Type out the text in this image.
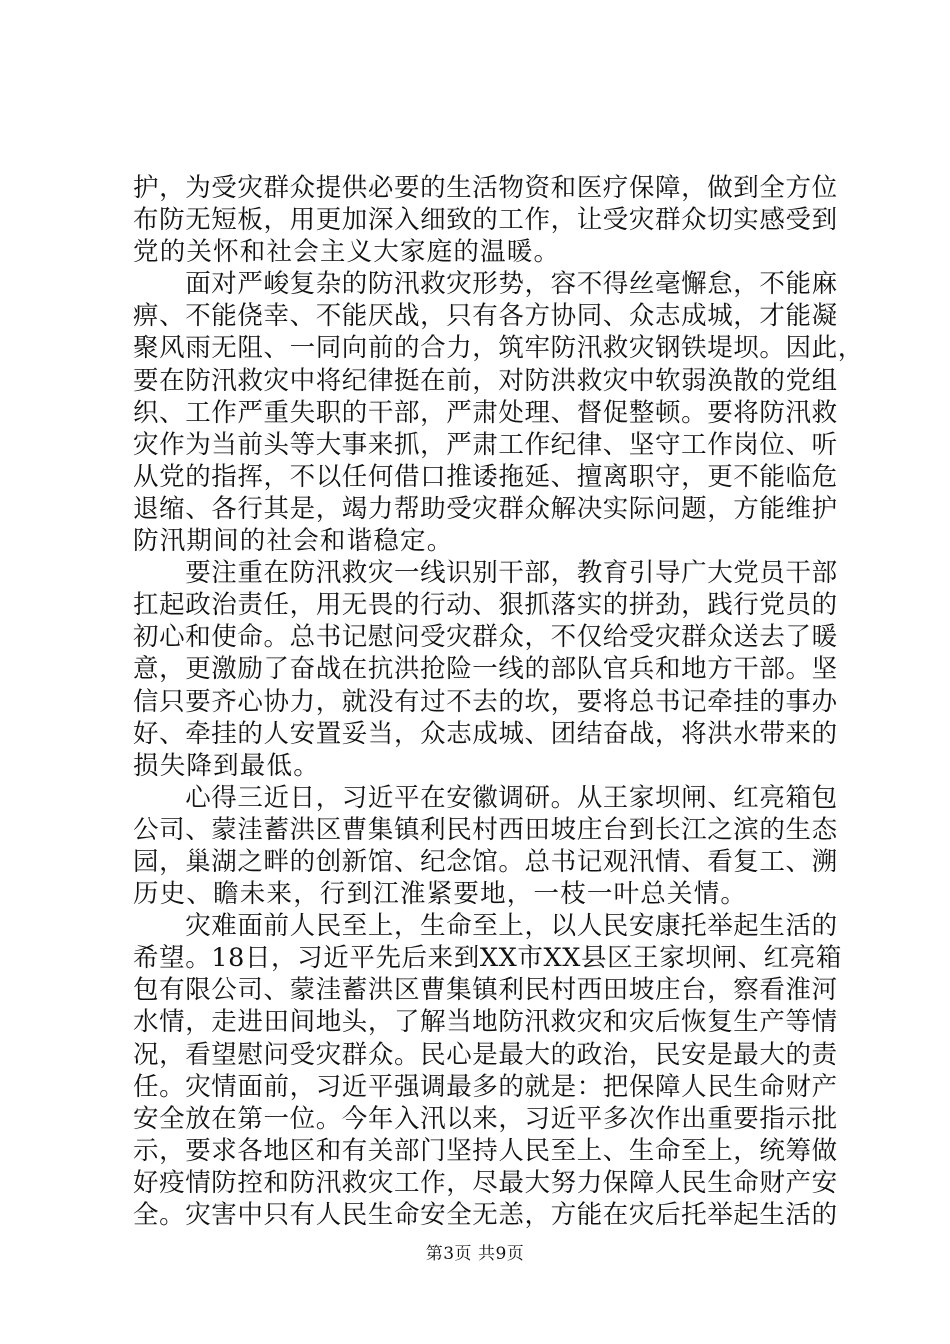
护，为受灾群众提供必要的生活物资和医疗保障，做到全方位
布防无短板，用更加深入细致的工作，让受灾群众切实感受到
党的关怀和社会主义大家庭的温暖。
　　面对严峻复杂的防汛救灾形势，容不得丝毫懈怠，不能麻
痹、不能侥幸、不能厌战，只有各方协同、众志成城，才能凝
聚风雨无阻、一同向前的合力，筑牢防汛救灾钢铁堤坝。因此，
要在防汛救灾中将纪律挺在前，对防洪救灾中软弱涣散的党组
织、工作严重失职的干部，严肃处理、督促整顿。要将防汛救
灾作为当前头等大事来抓，严肃工作纪律、坚守工作岗位、听
从党的指挥，不以任何借口推诿拖延、擅离职守，更不能临危
退缩、各行其是，竭力帮助受灾群众解决实际问题，方能维护
防汛期间的社会和谐稳定。
　　要注重在防汛救灾一线识别干部，教育引导广大党员干部
扛起政治责任，用无畏的行动、狠抓落实的拼劲，践行党员的
初心和使命。总书记慰问受灾群众，不仅给受灾群众送去了暖
意，更激励了奋战在抗洪抢险一线的部队官兵和地方干部。坚
信只要齐心协力，就没有过不去的坎，要将总书记牵挂的事办
好、牵挂的人安置妥当，众志成城、团结奋战，将洪水带来的
损失降到最低。
　　心得三近日，习近平在安徽调研。从王家坝闸、红亮箱包
公司、蒙洼蓄洪区曹集镇利民村西田坡庄台到长江之滨的生态
园，巢湖之畔的创新馆、纪念馆。总书记观汛情、看复工、溯
历史、瞻未来，行到江淮紧要地，一枝一叶总关情。
　　灾难面前人民至上，生命至上，以人民安康托举起生活的
希望。18日，习近平先后来到XX市XX县区王家坝闸、红亮箱
包有限公司、蒙洼蓄洪区曹集镇利民村西田坡庄台，察看淮河
水情，走进田间地头，了解当地防汛救灾和灾后恢复生产等情
况，看望慰问受灾群众。民心是最大的政治，民安是最大的责
任。灾情面前，习近平强调最多的就是：把保障人民生命财产
安全放在第一位。今年入汛以来，习近平多次作出重要指示批
示，要求各地区和有关部门坚持人民至上、生命至上，统筹做
好疫情防控和防汛救灾工作，尽最大努力保障人民生命财产安
全。灾害中只有人民生命安全无恙，方能在灾后托举起生活的
第3页 共9页
